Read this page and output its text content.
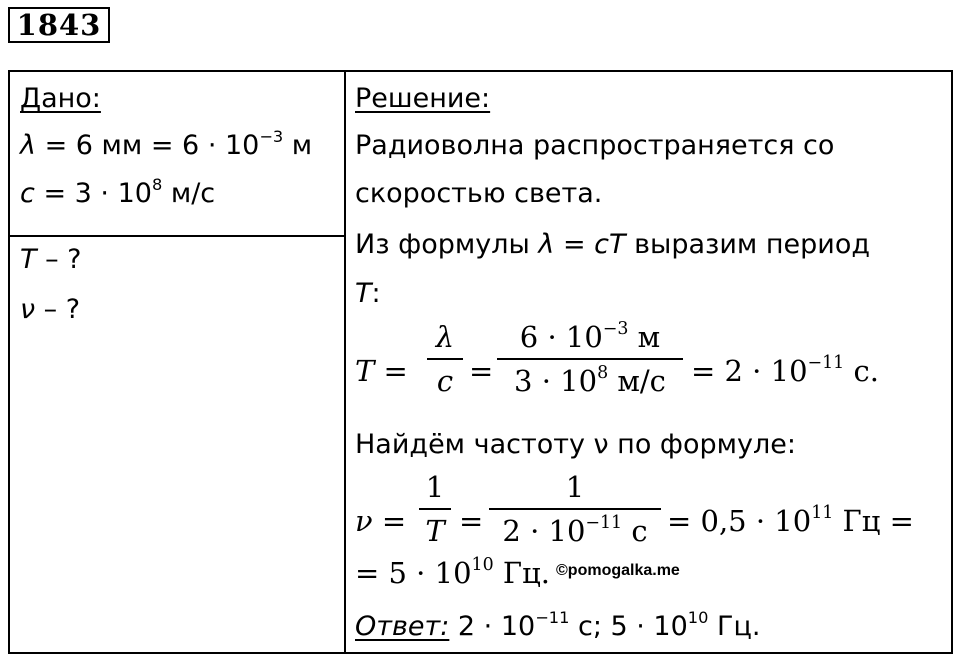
1843
Дано:
λ = 6 мм = $6 \cdot 10^{-3}$ м
$c = 3 \cdot 10^8$ м/с
T – ?
ν – ?
Решение:
Радиоволна распространяется со
скоростью света.
Из формулы λ = cT выразим период
T:
T =
λ
c =
$6 \cdot 10^{-3}$ м
$3 \cdot 10^8$ $м/с = 2 \cdot 10^{-11}$ с.
Найдём частоту ν по формуле:
ν =
1
T =
1
$2 \cdot 10^{-11}$ $с = 0,5 \cdot 10^{11}$ Гц =
= $5 \cdot 10^{10}$ Гц. ©pomogalka.me
Ответ: $2 \cdot 10^{-11}$ с; $5 \cdot 10^{10}$ Гц.
